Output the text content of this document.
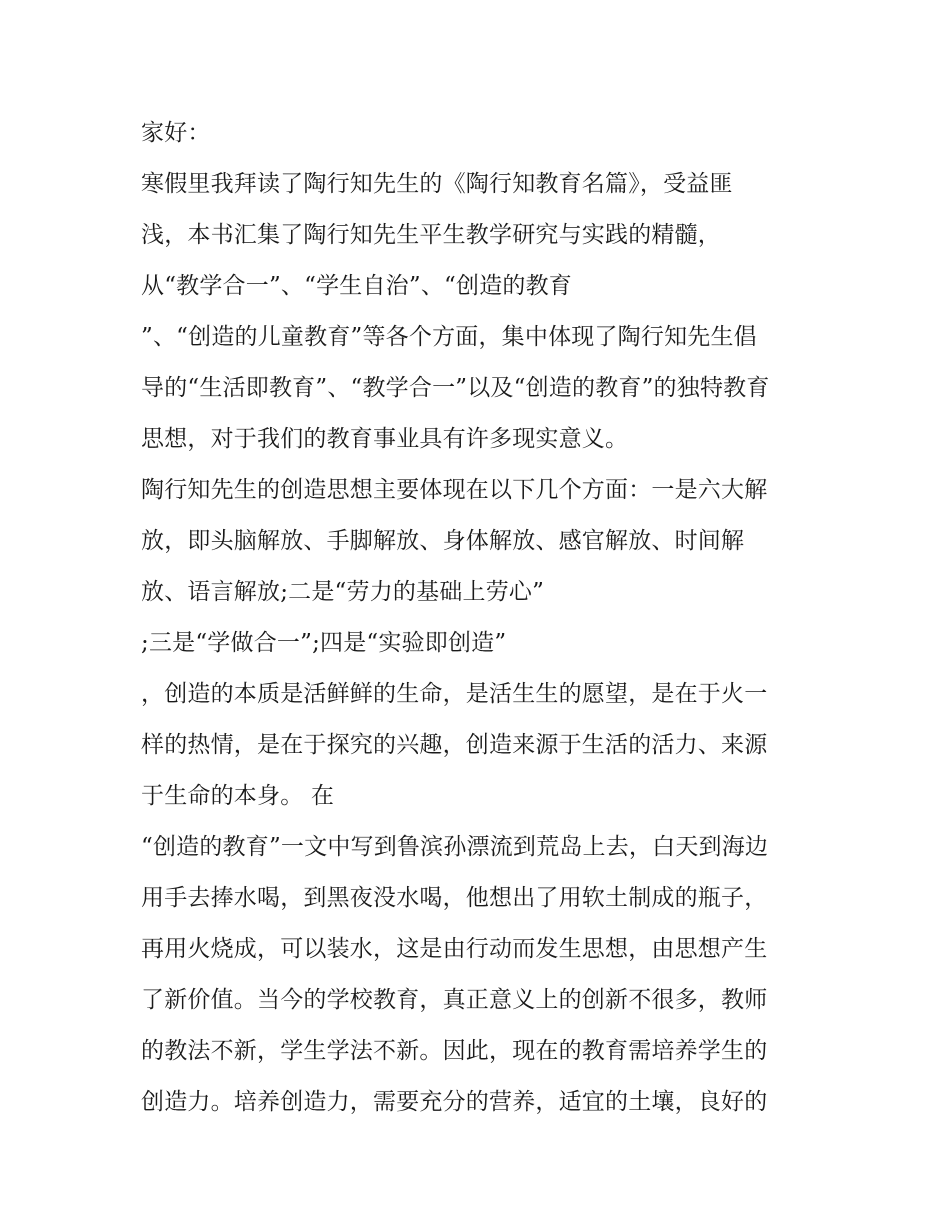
家好：
寒假里我拜读了陶行知先生的《陶行知教育名篇》，受益匪
浅，本书汇集了陶行知先生平生教学研究与实践的精髓，
从“教学合一”、“学生自治”、“创造的教育
”、“创造的儿童教育”等各个方面，集中体现了陶行知先生倡
导的“生活即教育”、“教学合一”以及“创造的教育”的独特教育
思想，对于我们的教育事业具有许多现实意义。
陶行知先生的创造思想主要体现在以下几个方面：一是六大解
放，即头脑解放、手脚解放、身体解放、感官解放、时间解
放、语言解放;二是“劳力的基础上劳心”
;三是“学做合一”;四是“实验即创造”
，创造的本质是活鲜鲜的生命，是活生生的愿望，是在于火一
样的热情，是在于探究的兴趣，创造来源于生活的活力、来源
于生命的本身。 在
“创造的教育”一文中写到鲁滨孙漂流到荒岛上去，白天到海边
用手去捧水喝，到黑夜没水喝，他想出了用软土制成的瓶子，
再用火烧成，可以装水，这是由行动而发生思想，由思想产生
了新价值。当今的学校教育，真正意义上的创新不很多，教师
的教法不新，学生学法不新。因此，现在的教育需培养学生的
创造力。培养创造力，需要充分的营养，适宜的土壤，良好的
